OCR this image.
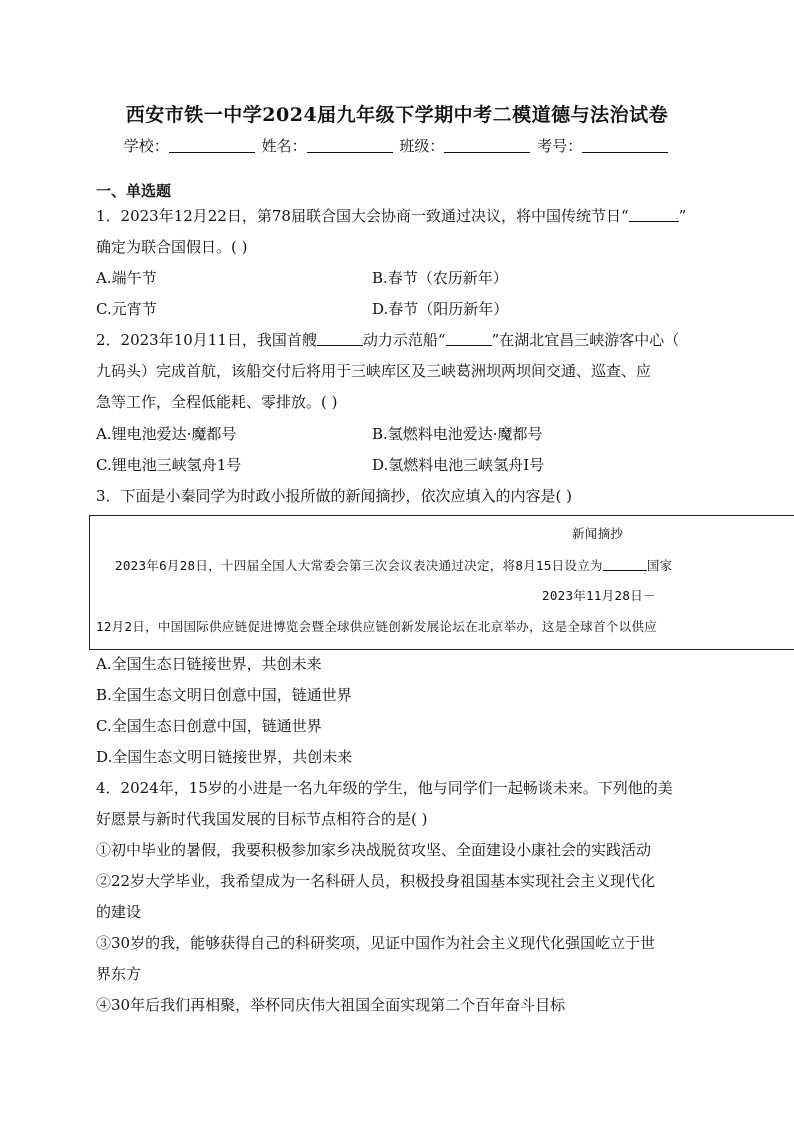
西安市铁一中学2024届九年级下学期中考二模道德与法治试卷
学校：	姓名：	班级：	考号：
一、单选题
1．2023年12月22日，第78届联合国大会协商一致通过决议，将中国传统节日“	”
确定为联合国假日。( )
A.端午节	B.春节（农历新年）
C.元宵节	D.春节（阳历新年）
2．2023年10月11日，我国首艘	动力示范船“	”在湖北宜昌三峡游客中心（
九码头）完成首航，该船交付后将用于三峡库区及三峡葛洲坝两坝间交通、巡查、应
急等工作，全程低能耗、零排放。( )
A.锂电池爱达·魔都号	B.氢燃料电池爱达·魔都号
C.锂电池三峡氢舟1号	D.氢燃料电池三峡氢舟Ⅰ号
3．下面是小秦同学为时政小报所做的新闻摘抄，依次应填入的内容是( )
新闻摘抄
2023年6月28日，十四届全国人大常委会第三次会议表决通过决定，将8月15日设立为	国家
2023年11月28日－
12月2日，中国国际供应链促进博览会暨全球供应链创新发展论坛在北京举办，这是全球首个以供应
A.全国生态日链接世界，共创未来
B.全国生态文明日创意中国，链通世界
C.全国生态日创意中国，链通世界
D.全国生态文明日链接世界，共创未来
4．2024年，15岁的小进是一名九年级的学生，他与同学们一起畅谈未来。下列他的美
好愿景与新时代我国发展的目标节点相符合的是( )
①初中毕业的暑假，我要积极参加家乡决战脱贫攻坚、全面建设小康社会的实践活动
②22岁大学毕业，我希望成为一名科研人员，积极投身祖国基本实现社会主义现代化
的建设
③30岁的我，能够获得自己的科研奖项，见证中国作为社会主义现代化强国屹立于世
界东方
④30年后我们再相聚，举杯同庆伟大祖国全面实现第二个百年奋斗目标
